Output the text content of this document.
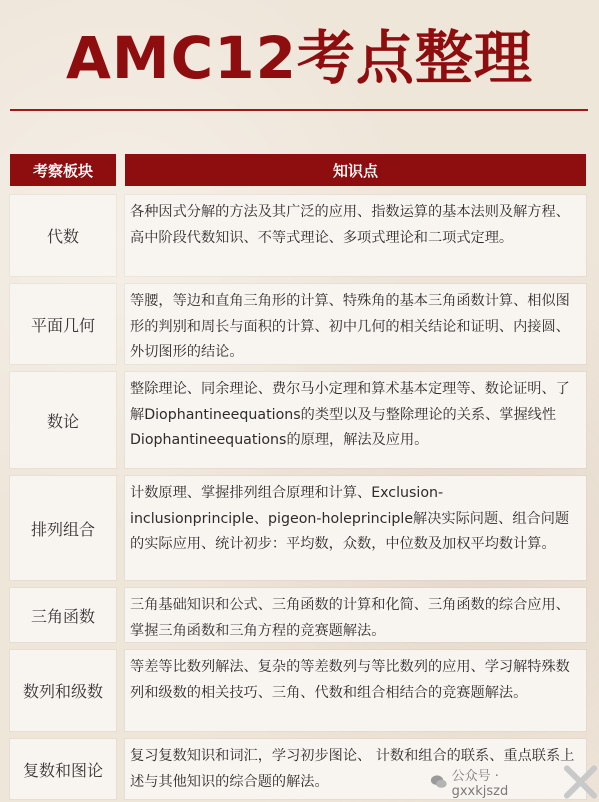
AMC12考点整理
考察板块	知识点
代数
各种因式分解的方法及其广泛的应用、指数运算的基本法则及解方程、高中阶段代数知识、不等式理论、多项式理论和二项式定理。
平面几何
等腰，等边和直角三角形的计算、特殊角的基本三角函数计算、相似图形的判别和周长与面积的计算、初中几何的相关结论和证明、内接圆、外切图形的结论。
数论
整除理论、同余理论、费尔马小定理和算术基本定理等、数论证明、了解Diophantineequations的类型以及与整除理论的关系、掌握线性Diophantineequations的原理，解法及应用。
排列组合
计数原理、掌握排列组合原理和计算、Exclusion-inclusionprinciple、pigeon-holeprinciple解决实际问题、组合问题的实际应用、统计初步：平均数，众数，中位数及加权平均数计算。
三角函数
三角基础知识和公式、三角函数的计算和化简、三角函数的综合应用、掌握三角函数和三角方程的竞赛题解法。
数列和级数
等差等比数列解法、复杂的等差数列与等比数列的应用、学习解特殊数列和级数的相关技巧、三角、代数和组合相结合的竞赛题解法。
复数和图论
复习复数知识和词汇，学习初步图论、 计数和组合的联系、重点联系上述与其他知识的综合题的解法。	公众号 · gxxkjszd
